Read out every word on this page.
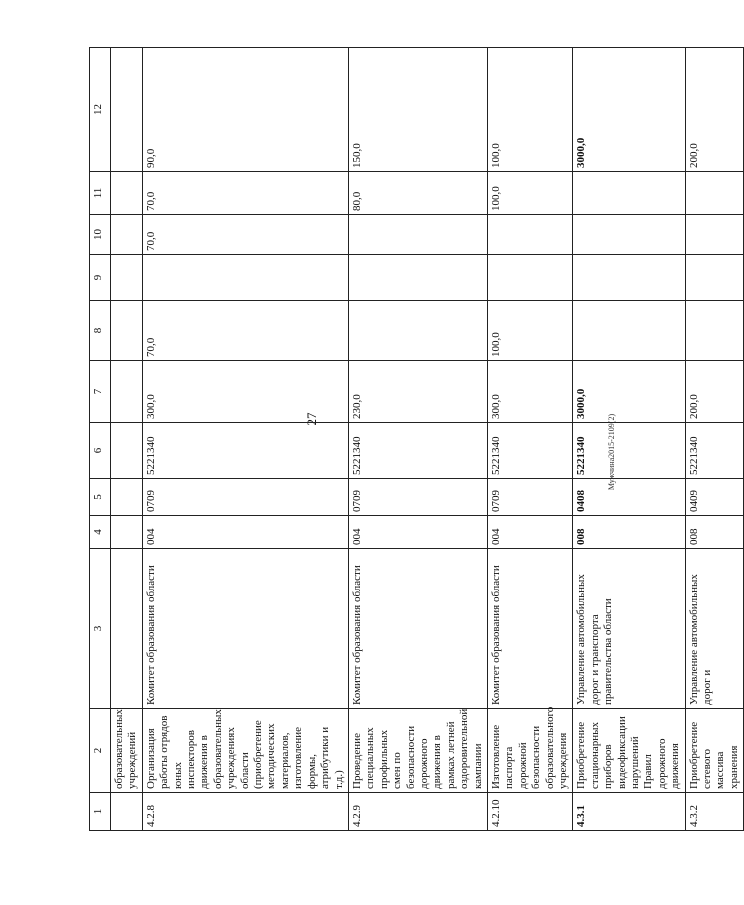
27	Мужчина2015-2109(2)
1	2	3	4	5	6	7	8	9	10	11	12
	образовательных учреждений										
4.2.8	Организация работы отрядов юных инспекторов движения в образовательных учреждениях области (приобретение методических материалов, изготовление формы, атрибутики и т.д.)	Комитет образования области	004	0709	5221340	300,0	70,0		70,0	70,0	90,0
4.2.9	Проведение специальных профильных смен по безопасности дорожного движения в рамках летней оздоровительной кампании	Комитет образования области	004	0709	5221340	230,0				80,0	150,0
4.2.10	Изготовление паспорта дорожной безопасности образовательного учреждения	Комитет образования области	004	0709	5221340	300,0	100,0			100,0	100,0
4.3.1	Приобретение стационарных приборов видеофиксации нарушений Правил дорожного движения	Управление автомобильных дорог и транспорта правительства области	008	0408	5221340	3000,0					3000,0
4.3.2	Приобретение сетевого массива хранения	Управление автомобильных дорог и	008	0409	5221340	200,0					200,0
